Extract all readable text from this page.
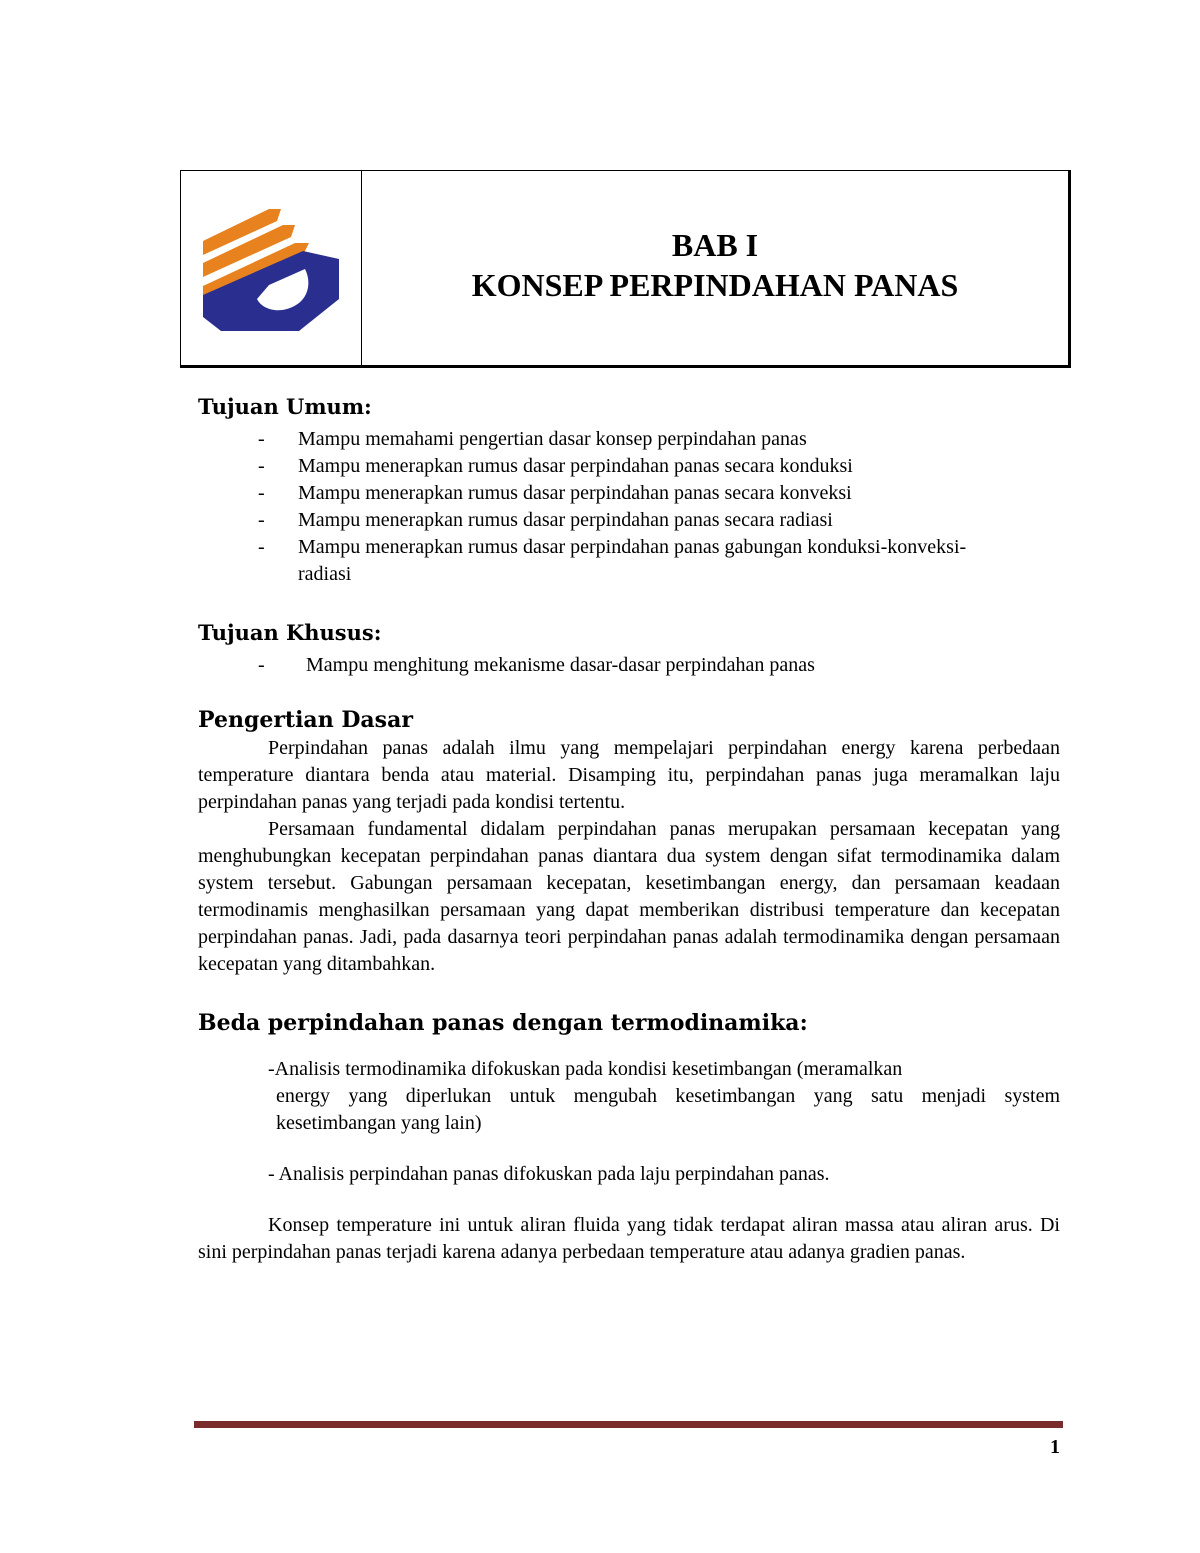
BAB I
KONSEP PERPINDAHAN PANAS
Tujuan Umum:
- Mampu memahami pengertian dasar konsep perpindahan panas
- Mampu menerapkan rumus dasar perpindahan panas secara konduksi
- Mampu menerapkan rumus dasar perpindahan panas secara konveksi
- Mampu menerapkan rumus dasar perpindahan panas secara radiasi
- Mampu menerapkan rumus dasar perpindahan panas gabungan konduksi-konveksi- radiasi
Tujuan Khusus:
- Mampu menghitung mekanisme dasar-dasar perpindahan panas
Pengertian Dasar

Perpindahan panas adalah ilmu yang mempelajari perpindahan energy karena perbedaan temperature diantara benda atau material. Disamping itu, perpindahan panas juga meramalkan laju perpindahan panas yang terjadi pada kondisi tertentu.

Persamaan fundamental didalam perpindahan panas merupakan persamaan kecepatan yang menghubungkan kecepatan perpindahan panas diantara dua system dengan sifat termodinamika dalam system tersebut. Gabungan persamaan kecepatan, kesetimbangan energy, dan persamaan keadaan termodinamis menghasilkan persamaan yang dapat memberikan distribusi temperature dan kecepatan perpindahan panas. Jadi, pada dasarnya teori perpindahan panas adalah termodinamika dengan persamaan kecepatan yang ditambahkan.

Beda perpindahan panas dengan termodinamika:
-Analisis termodinamika difokuskan pada kondisi kesetimbangan (meramalkan
energy yang diperlukan untuk mengubah kesetimbangan yang satu menjadi system kesetimbangan yang lain)
- Analisis perpindahan panas difokuskan pada laju perpindahan panas.

Konsep temperature ini untuk aliran fluida yang tidak terdapat aliran massa atau aliran arus. Di sini perpindahan panas terjadi karena adanya perbedaan temperature atau adanya gradien panas.

1
